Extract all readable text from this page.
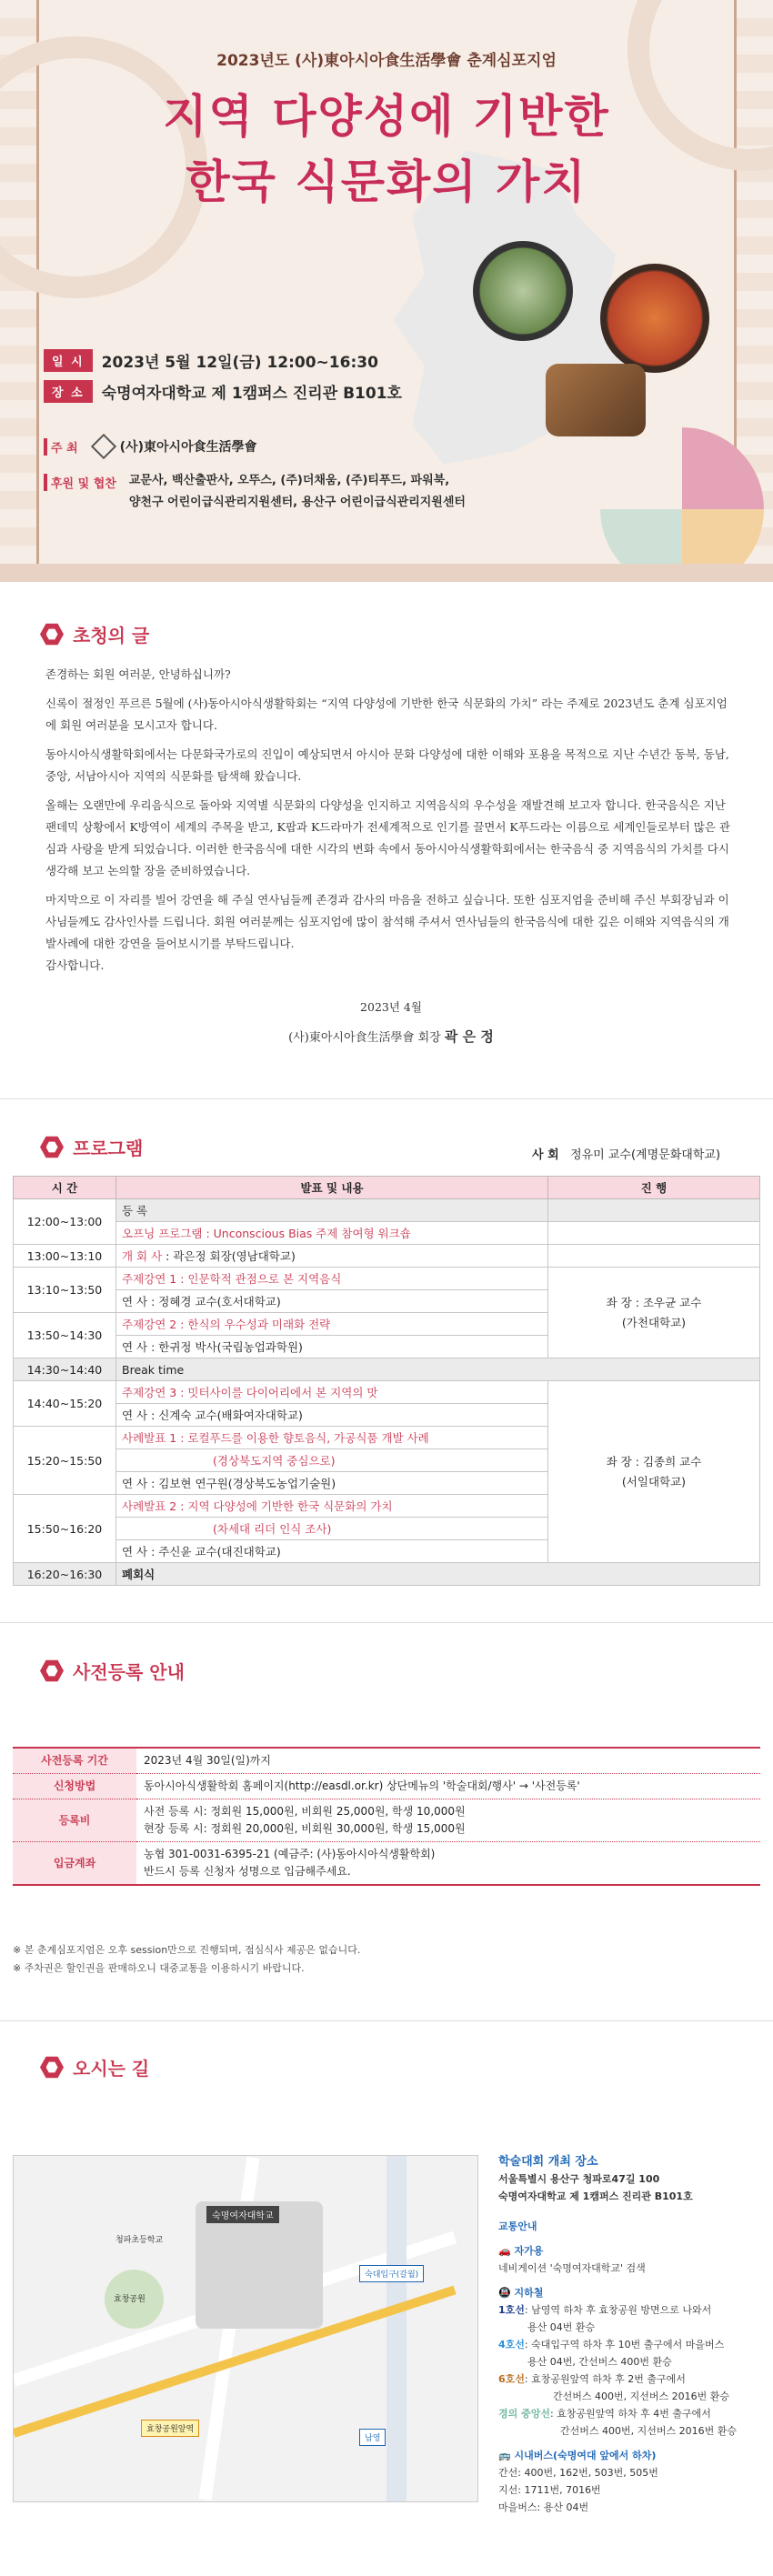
2023년도 (사)東아시아食生活學會 춘계심포지엄
지역 다양성에 기반한
한국 식문화의 가치
일 시	2023년 5월 12일(금) 12:00~16:30
장 소	숙명여자대학교 제 1캠퍼스 진리관 B101호
주 최	(사)東아시아食生活學會
후원 및 협찬	교문사, 백산출판사, 오뚜스, (주)더채움, (주)티푸드, 파워북,
양천구 어린이급식관리지원센터, 용산구 어린이급식관리지원센터
초청의 글

존경하는 회원 여러분, 안녕하십니까?

신록이 절정인 푸르른 5월에 (사)동아시아식생활학회는 “지역 다양성에 기반한 한국 식문화의 가치” 라는 주제로 2023년도 춘계 심포지엄에 회원 여러분을 모시고자 합니다.

동아시아식생활학회에서는 다문화국가로의 진입이 예상되면서 아시아 문화 다양성에 대한 이해와 포용을 목적으로 지난 수년간 동북, 동남, 중앙, 서남아시아 지역의 식문화를 탐색해 왔습니다.

올해는 오랜만에 우리음식으로 돌아와 지역별 식문화의 다양성을 인지하고 지역음식의 우수성을 재발견해 보고자 합니다. 한국음식은 지난 팬데믹 상황에서 K방역이 세계의 주목을 받고, K팝과 K드라마가 전세계적으로 인기를 끌면서 K푸드라는 이름으로 세계인들로부터 많은 관심과 사랑을 받게 되었습니다. 이러한 한국음식에 대한 시각의 변화 속에서 동아시아식생활학회에서는 한국음식 중 지역음식의 가치를 다시 생각해 보고 논의할 장을 준비하였습니다.

마지막으로 이 자리를 빌어 강연을 해 주실 연사님들께 존경과 감사의 마음을 전하고 싶습니다. 또한 심포지엄을 준비해 주신 부회장님과 이사님들께도 감사인사를 드립니다. 회원 여러분께는 심포지엄에 많이 참석해 주셔서 연사님들의 한국음식에 대한 깊은 이해와 지역음식의 개발사례에 대한 강연을 들어보시기를 부탁드립니다.

감사합니다.

2023년 4월

(사)東아시아食生活學會 회장 곽 은 정

프로그램	사 회 정유미 교수(계명문화대학교)
시 간	발표 및 내용	진 행
12:00~13:00	등 록	
	오프닝 프로그램 : Unconscious Bias 주제 참여형 워크숍	
13:00~13:10	개 회 사 : 곽은정 회장(영남대학교)	
13:10~13:50	주제강연 1 : 인문학적 관점으로 본 지역음식	좌 장 : 조우균 교수
(가천대학교)

	연 사 : 정혜경 교수(호서대학교)	
13:50~14:30	주제강연 2 : 한식의 우수성과 미래화 전략	
	연 사 : 한귀정 박사(국립농업과학원)	
14:30~14:40	Break time	
14:40~15:20	주제강연 3 : 밋터사이를 다이어리에서 본 지역의 맛	좌 장 : 김종희 교수
(서일대학교)

	연 사 : 신계숙 교수(배화여자대학교)	
15:20~15:50	사례발표 1 : 로컬푸드를 이용한 향토음식, 가공식품 개발 사례	
	(경상북도지역 중심으로)	
	연 사 : 김보현 연구원(경상북도농업기술원)	
15:50~16:20	사례발표 2 : 지역 다양성에 기반한 한국 식문화의 가치	
	(차세대 리더 인식 조사)	
	연 사 : 주신윤 교수(대진대학교)	
16:20~16:30	폐회식	
사전등록 안내
사전등록 기간	2023년 4월 30일(일)까지
신청방법	동아시아식생활학회 홈페이지(http://easdl.or.kr) 상단메뉴의 '학술대회/행사' → '사전등록'
등록비	사전 등록 시: 정회원 15,000원, 비회원 25,000원, 학생 10,000원
현장 등록 시: 정회원 20,000원, 비회원 30,000원, 학생 15,000원

입금계좌	농협 301-0031-6395-21 (예금주: (사)동아시아식생활학회)
반드시 등록 신청자 성명으로 입금해주세요.
※ 본 춘계심포지엄은 오후 session만으로 진행되며, 점심식사 제공은 없습니다.
※ 주차권은 할인권을 판매하오니 대중교통을 이용하시기 바랍니다.
오시는 길
숙명여자대학교
청파초등학교
효창공원
숙대입구(갈월)
남영
효창공원앞역
학술대회 개최 장소
서울특별시 용산구 청파로47길 100
숙명여자대학교 제 1캠퍼스 진리관 B101호
교통안내
🚗 자가용
네비게이션 '숙명여자대학교' 검색
🚇 지하철
1호선: 남영역 하차 후 효창공원 방면으로 나와서
용산 04번 환승
4호선: 숙대입구역 하차 후 10번 출구에서 마을버스
용산 04번, 간선버스 400번 환승
6호선: 효창공원앞역 하차 후 2번 출구에서
간선버스 400번, 지선버스 2016번 환승
경의 중앙선: 효창공원앞역 하차 후 4번 출구에서
간선버스 400번, 지선버스 2016번 환승
🚌 시내버스(숙명여대 앞에서 하차)
간선: 400번, 162번, 503번, 505번
지선: 1711번, 7016번
마을버스: 용산 04번
